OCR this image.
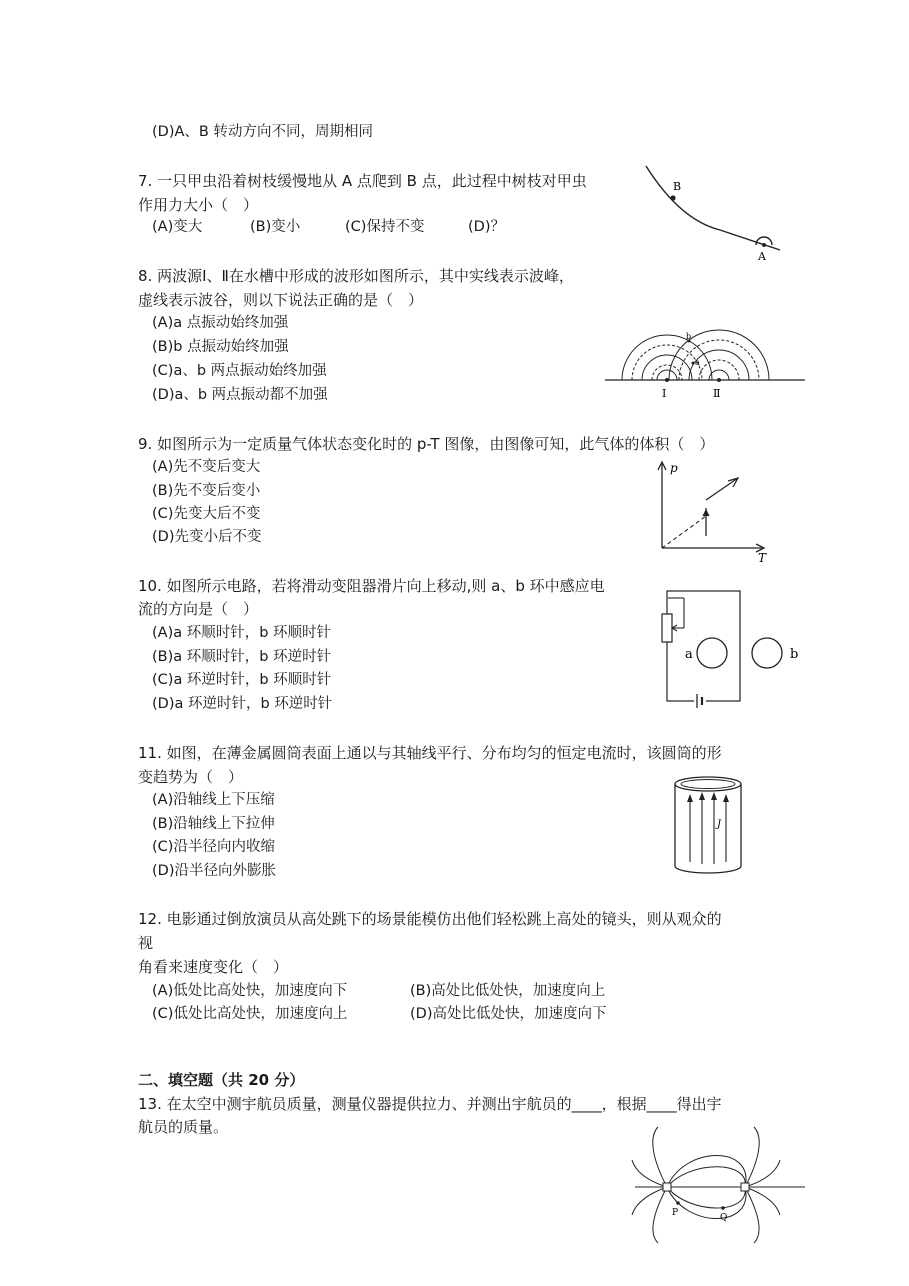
(D)A、B 转动方向不同，周期相同
7. 一只甲虫沿着树枝缓慢地从 A 点爬到 B 点，此过程中树枝对甲虫
作用力大小（　）
(A)变大	(B)变小	(C)保持不变	(D)？
B
A
8. 两波源Ⅰ、Ⅱ在水槽中形成的波形如图所示，其中实线表示波峰，
虚线表示波谷，则以下说法正确的是（　）
(A)a 点振动始终加强
(B)b 点振动始终加强
(C)a、b 两点振动始终加强
(D)a、b 两点振动都不加强
a
b
Ⅰ	Ⅱ
9. 如图所示为一定质量气体状态变化时的 p-T 图像，由图像可知，此气体的体积（　）
(A)先不变后变大
(B)先不变后变小
(C)先变大后不变
(D)先变小后不变
p
T
10. 如图所示电路，若将滑动变阻器滑片向上移动,则 a、b 环中感应电
流的方向是（　）
(A)a 环顺时针，b 环顺时针
(B)a 环顺时针，b 环逆时针
(C)a 环逆时针，b 环顺时针
(D)a 环逆时针，b 环逆时针
a	b
11. 如图，在薄金属圆筒表面上通以与其轴线平行、分布均匀的恒定电流时，该圆筒的形
变趋势为（　）
(A)沿轴线上下压缩
(B)沿轴线上下拉伸
(C)沿半径向内收缩
(D)沿半径向外膨胀
J
12. 电影通过倒放演员从高处跳下的场景能模仿出他们轻松跳上高处的镜头，则从观众的
视
角看来速度变化（　）
(A)低处比高处快，加速度向下	(B)高处比低处快，加速度向上
(C)低处比高处快，加速度向上	(D)高处比低处快，加速度向下
二、填空题（共 20 分）
13. 在太空中测宇航员质量，测量仪器提供拉力、并测出宇航员的____，根据____得出宇
航员的质量。
P	Q
